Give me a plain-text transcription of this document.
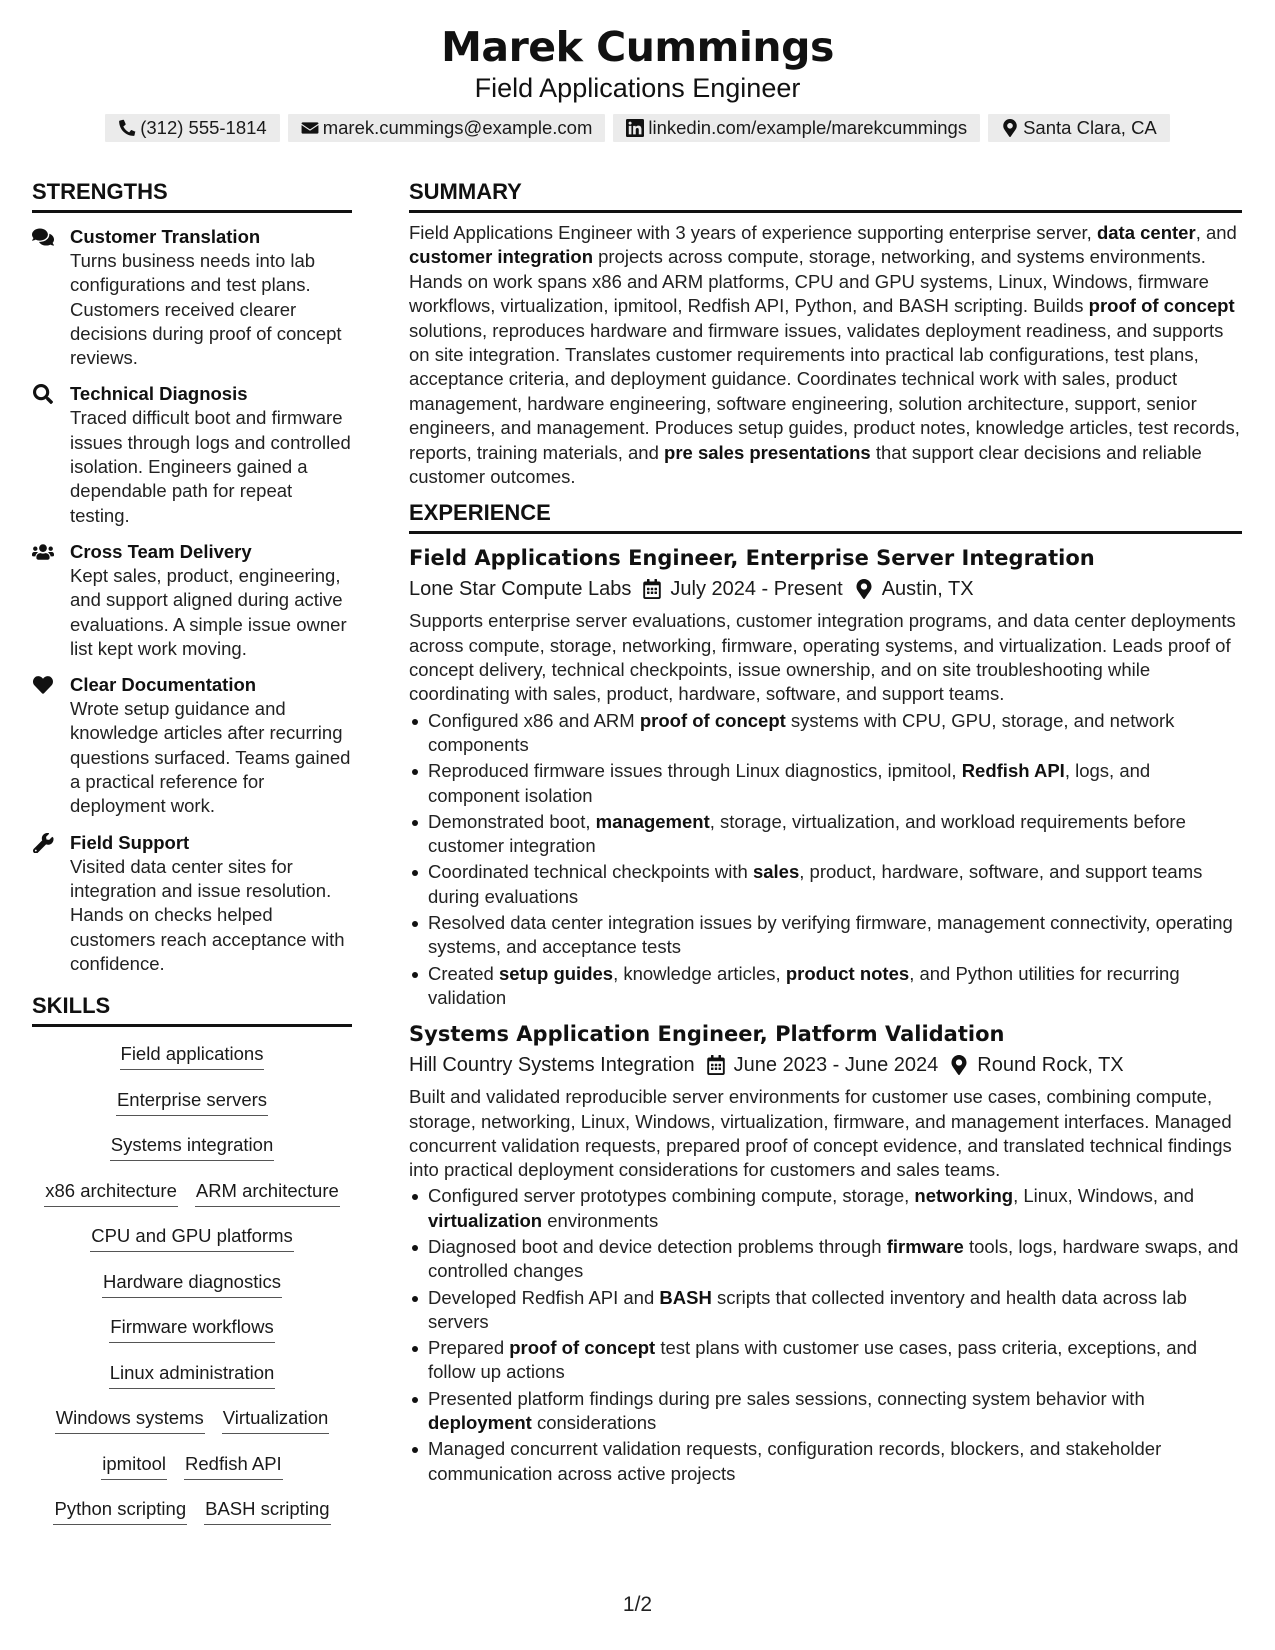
Marek Cummings
Field Applications Engineer
(312) 555-1814	marek.cummings@example.com	linkedin.com/example/marekcummings	Santa Clara, CA
STRENGTHS
Customer Translation
Turns business needs into lab configurations and test plans. Customers received clearer decisions during proof of concept reviews.
Technical Diagnosis
Traced difficult boot and firmware issues through logs and controlled isolation. Engineers gained a dependable path for repeat testing.
Cross Team Delivery
Kept sales, product, engineering, and support aligned during active evaluations. A simple issue owner list kept work moving.
Clear Documentation
Wrote setup guidance and knowledge articles after recurring questions surfaced. Teams gained a practical reference for deployment work.
Field Support
Visited data center sites for integration and issue resolution. Hands on checks helped customers reach acceptance with confidence.
SKILLS
Field applications
Enterprise servers
Systems integration
x86 architecture ARM architecture
CPU and GPU platforms
Hardware diagnostics
Firmware workflows
Linux administration
Windows systems Virtualization
ipmitool Redfish API
Python scripting BASH scripting
SUMMARY
Field Applications Engineer with 3 years of experience supporting enterprise server, data center, and customer integration projects across compute, storage, networking, and systems environments. Hands on work spans x86 and ARM platforms, CPU and GPU systems, Linux, Windows, firmware workflows, virtualization, ipmitool, Redfish API, Python, and BASH scripting. Builds proof of concept solutions, reproduces hardware and firmware issues, validates deployment readiness, and supports on site integration. Translates customer requirements into practical lab configurations, test plans, acceptance criteria, and deployment guidance. Coordinates technical work with sales, product management, hardware engineering, software engineering, solution architecture, support, senior engineers, and management. Produces setup guides, product notes, knowledge articles, test records, reports, training materials, and pre sales presentations that support clear decisions and reliable customer outcomes.
EXPERIENCE
Field Applications Engineer, Enterprise Server Integration
Lone Star Compute Labs July 2024 - Present Austin, TX
Supports enterprise server evaluations, customer integration programs, and data center deployments across compute, storage, networking, firmware, operating systems, and virtualization. Leads proof of concept delivery, technical checkpoints, issue ownership, and on site troubleshooting while coordinating with sales, product, hardware, software, and support teams.
Configured x86 and ARM proof of concept systems with CPU, GPU, storage, and network components
Reproduced firmware issues through Linux diagnostics, ipmitool, Redfish API, logs, and component isolation
Demonstrated boot, management, storage, virtualization, and workload requirements before customer integration
Coordinated technical checkpoints with sales, product, hardware, software, and support teams during evaluations
Resolved data center integration issues by verifying firmware, management connectivity, operating systems, and acceptance tests
Created setup guides, knowledge articles, product notes, and Python utilities for recurring validation
Systems Application Engineer, Platform Validation
Hill Country Systems Integration June 2023 - June 2024 Round Rock, TX
Built and validated reproducible server environments for customer use cases, combining compute, storage, networking, Linux, Windows, virtualization, firmware, and management interfaces. Managed concurrent validation requests, prepared proof of concept evidence, and translated technical findings into practical deployment considerations for customers and sales teams.
Configured server prototypes combining compute, storage, networking, Linux, Windows, and virtualization environments
Diagnosed boot and device detection problems through firmware tools, logs, hardware swaps, and controlled changes
Developed Redfish API and BASH scripts that collected inventory and health data across lab servers
Prepared proof of concept test plans with customer use cases, pass criteria, exceptions, and follow up actions
Presented platform findings during pre sales sessions, connecting system behavior with deployment considerations
Managed concurrent validation requests, configuration records, blockers, and stakeholder communication across active projects
1/2
